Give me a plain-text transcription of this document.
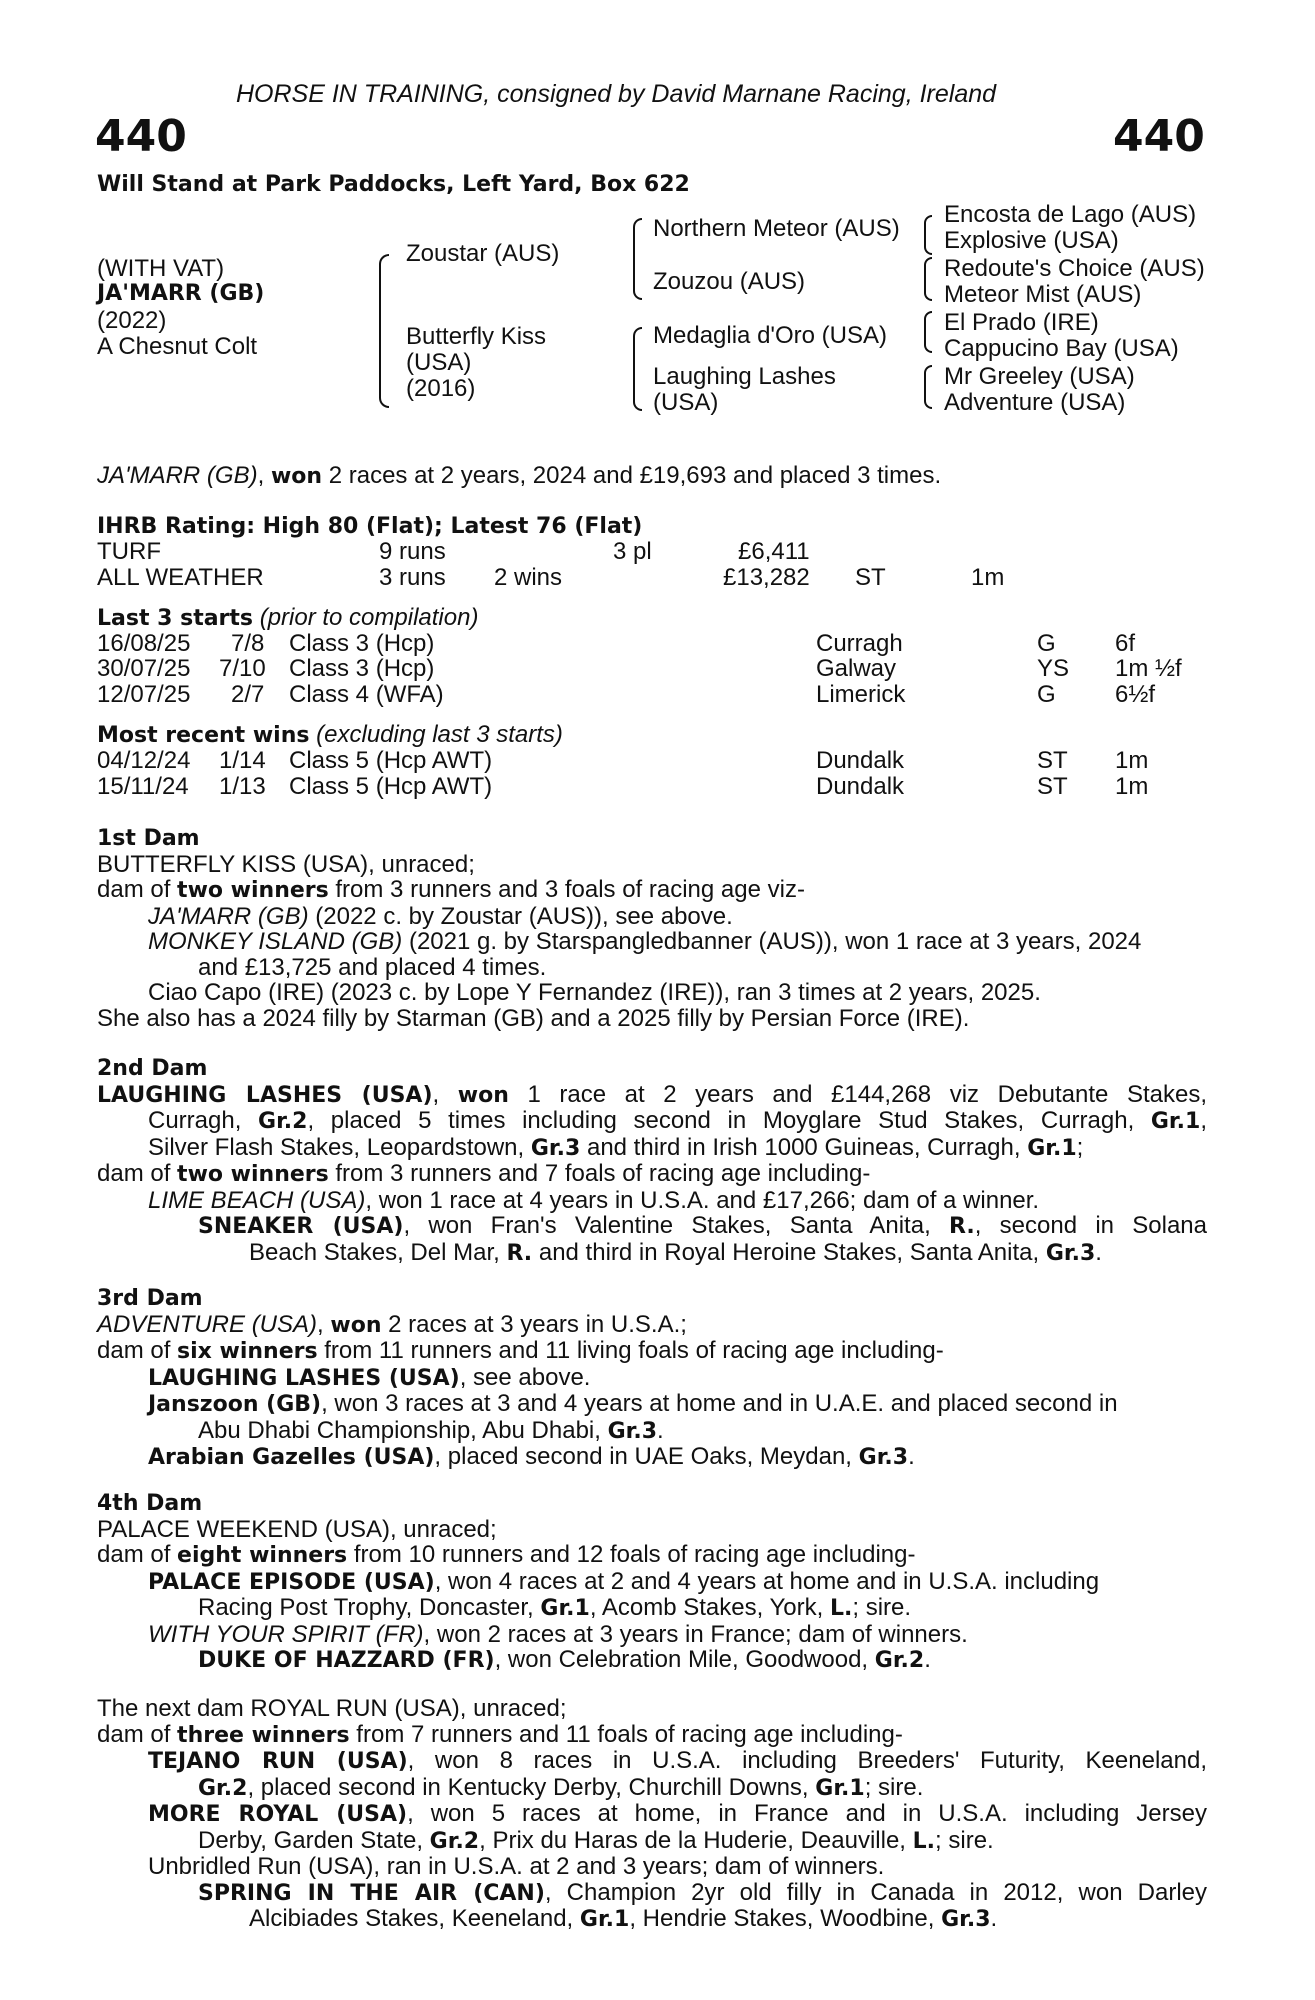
HORSE IN TRAINING, consigned by David Marnane Racing, Ireland
440	440
Will Stand at Park Paddocks, Left Yard, Box 622
(WITH VAT)
JA'MARR (GB)
(2022)
A Chesnut Colt
Zoustar (AUS)
Butterfly Kiss
(USA)
(2016)
Northern Meteor (AUS)
Zouzou (AUS)
Medaglia d'Oro (USA)
Laughing Lashes
(USA)
Encosta de Lago (AUS)
Explosive (USA)
Redoute's Choice (AUS)
Meteor Mist (AUS)
El Prado (IRE)
Cappucino Bay (USA)
Mr Greeley (USA)
Adventure (USA)
JA'MARR (GB), won 2 races at 2 years, 2024 and £19,693 and placed 3 times.
IHRB Rating: High 80 (Flat); Latest 76 (Flat)
TURF	9 runs	3 pl	£6,411
ALL WEATHER	3 runs 2 wins	£13,282 ST	1m
Last 3 starts (prior to compilation)
16/08/25 7/8 Class 3 (Hcp)	Curragh	G 6f
30/07/25 7/10 Class 3 (Hcp)	Galway	YS 1m ½f
12/07/25 2/7 Class 4 (WFA)	Limerick	G 6½f
Most recent wins (excluding last 3 starts)
04/12/24 1/14 Class 5 (Hcp AWT)	Dundalk	ST 1m
15/11/24 1/13 Class 5 (Hcp AWT)	Dundalk	ST 1m

1st Dam

BUTTERFLY KISS (USA), unraced;

dam of two winners from 3 runners and 3 foals of racing age viz-

JA'MARR (GB) (2022 c. by Zoustar (AUS)), see above.

MONKEY ISLAND (GB) (2021 g. by Starspangledbanner (AUS)), won 1 race at 3 years, 2024

and £13,725 and placed 4 times.

Ciao Capo (IRE) (2023 c. by Lope Y Fernandez (IRE)), ran 3 times at 2 years, 2025.

She also has a 2024 filly by Starman (GB) and a 2025 filly by Persian Force (IRE).

2nd Dam

LAUGHING LASHES (USA), won 1 race at 2 years and £144,268 viz Debutante Stakes,

Curragh, Gr.2, placed 5 times including second in Moyglare Stud Stakes, Curragh, Gr.1,

Silver Flash Stakes, Leopardstown, Gr.3 and third in Irish 1000 Guineas, Curragh, Gr.1;

dam of two winners from 3 runners and 7 foals of racing age including-

LIME BEACH (USA), won 1 race at 4 years in U.S.A. and £17,266; dam of a winner.

SNEAKER (USA), won Fran's Valentine Stakes, Santa Anita, R., second in Solana

Beach Stakes, Del Mar, R. and third in Royal Heroine Stakes, Santa Anita, Gr.3.

3rd Dam

ADVENTURE (USA), won 2 races at 3 years in U.S.A.;

dam of six winners from 11 runners and 11 living foals of racing age including-

LAUGHING LASHES (USA), see above.

Janszoon (GB), won 3 races at 3 and 4 years at home and in U.A.E. and placed second in

Abu Dhabi Championship, Abu Dhabi, Gr.3.

Arabian Gazelles (USA), placed second in UAE Oaks, Meydan, Gr.3.

4th Dam

PALACE WEEKEND (USA), unraced;

dam of eight winners from 10 runners and 12 foals of racing age including-

PALACE EPISODE (USA), won 4 races at 2 and 4 years at home and in U.S.A. including

Racing Post Trophy, Doncaster, Gr.1, Acomb Stakes, York, L.; sire.

WITH YOUR SPIRIT (FR), won 2 races at 3 years in France; dam of winners.

DUKE OF HAZZARD (FR), won Celebration Mile, Goodwood, Gr.2.

The next dam ROYAL RUN (USA), unraced;

dam of three winners from 7 runners and 11 foals of racing age including-

TEJANO RUN (USA), won 8 races in U.S.A. including Breeders' Futurity, Keeneland,

Gr.2, placed second in Kentucky Derby, Churchill Downs, Gr.1; sire.

MORE ROYAL (USA), won 5 races at home, in France and in U.S.A. including Jersey

Derby, Garden State, Gr.2, Prix du Haras de la Huderie, Deauville, L.; sire.

Unbridled Run (USA), ran in U.S.A. at 2 and 3 years; dam of winners.

SPRING IN THE AIR (CAN), Champion 2yr old filly in Canada in 2012, won Darley

Alcibiades Stakes, Keeneland, Gr.1, Hendrie Stakes, Woodbine, Gr.3.
